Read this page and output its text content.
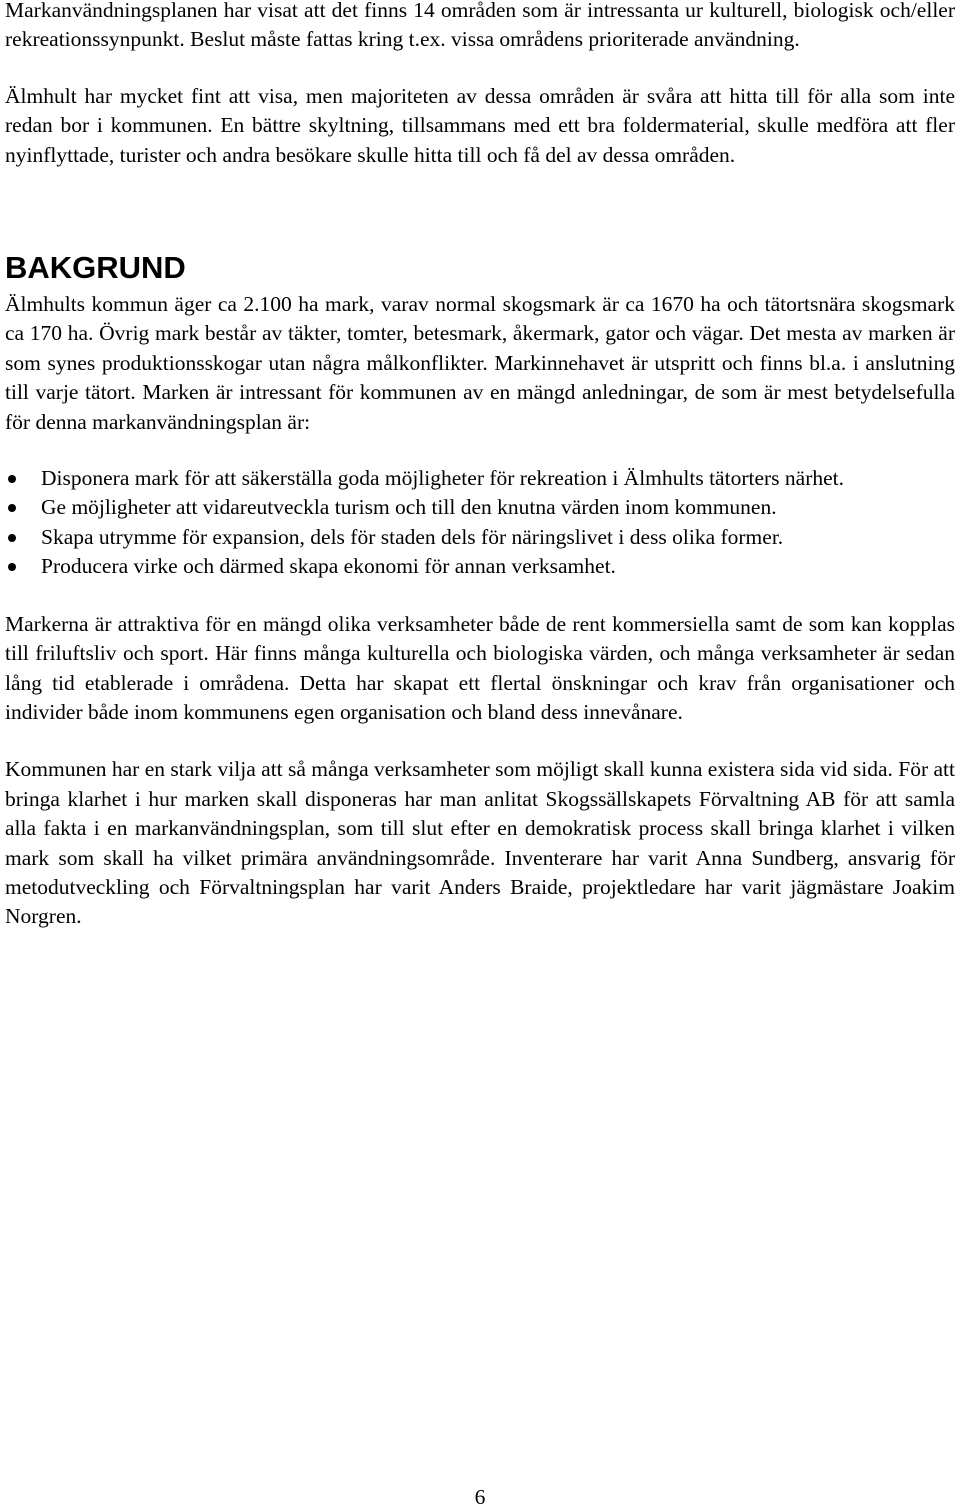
Markanvändningsplanen har visat att det finns 14 områden som är intressanta ur kulturell, biologisk och/eller rekreationssynpunkt. Beslut måste fattas kring t.ex. vissa områdens prioriterade användning.

Älmhult har mycket fint att visa, men majoriteten av dessa områden är svåra att hitta till för alla som inte redan bor i kommunen. En bättre skyltning, tillsammans med ett bra foldermaterial, skulle medföra att fler nyinflyttade, turister och andra besökare skulle hitta till och få del av dessa områden.

BAKGRUND

Älmhults kommun äger ca 2.100 ha mark, varav normal skogsmark är ca 1670 ha och tätortsnära skogsmark ca 170 ha. Övrig mark består av täkter, tomter, betesmark, åkermark, gator och vägar. Det mesta av marken är som synes produktionsskogar utan några målkonflikter. Markinnehavet är utspritt och finns bl.a. i anslutning till varje tätort. Marken är intressant för kommunen av en mängd anledningar, de som är mest betydelsefulla för denna markanvändningsplan är:

Disponera mark för att säkerställa goda möjligheter för rekreation i Älmhults tätorters närhet.
Ge möjligheter att vidareutveckla turism och till den knutna värden inom kommunen.
Skapa utrymme för expansion, dels för staden dels för näringslivet i dess olika former.
Producera virke och därmed skapa ekonomi för annan verksamhet.

Markerna är attraktiva för en mängd olika verksamheter både de rent kommersiella samt de som kan kopplas till friluftsliv och sport. Här finns många kulturella och biologiska värden, och många verksamheter är sedan lång tid etablerade i områdena. Detta har skapat ett flertal önskningar och krav från organisationer och individer både inom kommunens egen organisation och bland dess innevånare.

Kommunen har en stark vilja att så många verksamheter som möjligt skall kunna existera sida vid sida. För att bringa klarhet i hur marken skall disponeras har man anlitat Skogssällskapets Förvaltning AB för att samla alla fakta i en markanvändningsplan, som till slut efter en demokratisk process skall bringa klarhet i vilken mark som skall ha vilket primära användningsområde. Inventerare har varit Anna Sundberg, ansvarig för metodutveckling och Förvaltningsplan har varit Anders Braide, projektledare har varit jägmästare Joakim Norgren.

6
